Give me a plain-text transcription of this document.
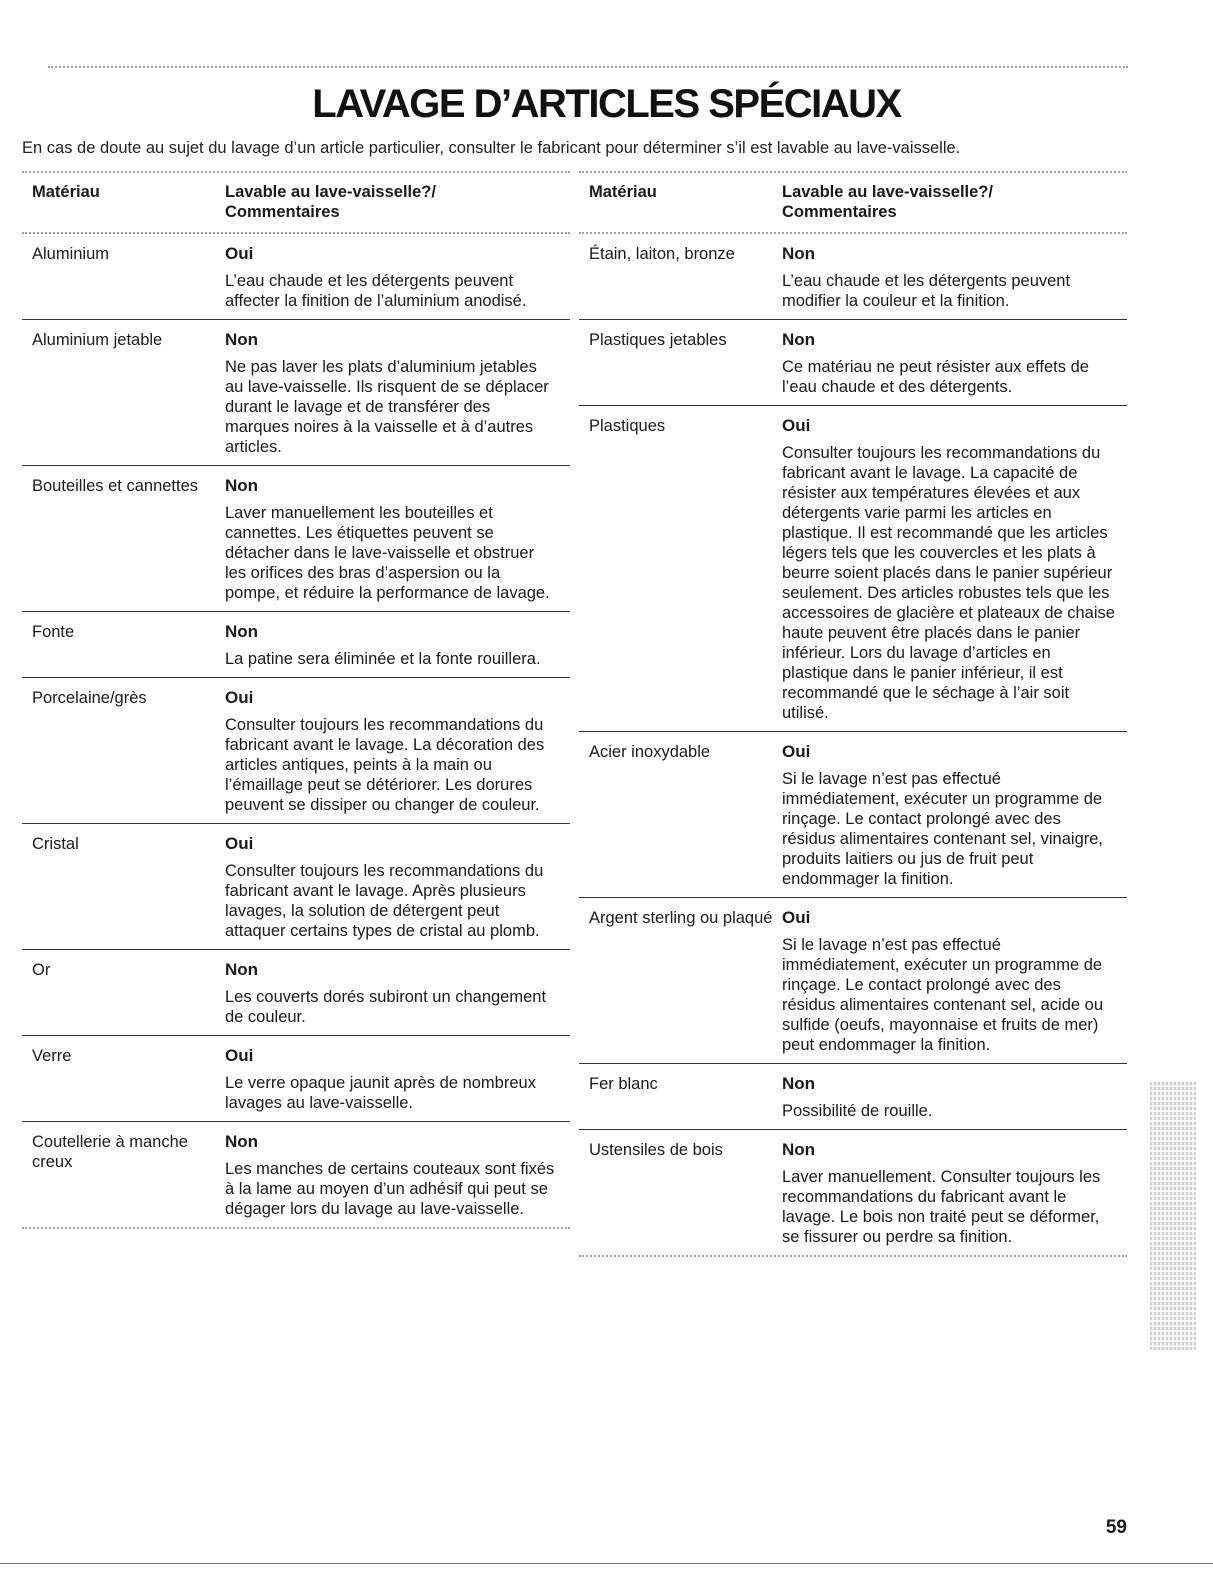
LAVAGE D’ARTICLES SPÉCIAUX
En cas de doute au sujet du lavage d’un article particulier, consulter le fabricant pour déterminer s’il est lavable au lave-vaisselle.
Matériau	Lavable au lave-vaisselle?/
Commentaires
Aluminium	Oui
L’eau chaude et les détergents peuvent affecter la finition de l’aluminium anodisé.
Aluminium jetable	Non
Ne pas laver les plats d’aluminium jetables au lave-vaisselle. Ils risquent de se déplacer durant le lavage et de transférer des marques noires à la vaisselle et à d’autres articles.
Bouteilles et cannettes	Non
Laver manuellement les bouteilles et cannettes. Les étiquettes peuvent se détacher dans le lave-vaisselle et obstruer les orifices des bras d’aspersion ou la pompe, et réduire la performance de lavage.
Fonte	Non
La patine sera éliminée et la fonte rouillera.
Porcelaine/grès	Oui
Consulter toujours les recommandations du fabricant avant le lavage. La décoration des articles antiques, peints à la main ou l’émaillage peut se détériorer. Les dorures peuvent se dissiper ou changer de couleur.
Cristal	Oui
Consulter toujours les recommandations du fabricant avant le lavage. Après plusieurs lavages, la solution de détergent peut attaquer certains types de cristal au plomb.
Or	Non
Les couverts dorés subiront un changement de couleur.
Verre	Oui
Le verre opaque jaunit après de nombreux lavages au lave-vaisselle.
Coutellerie à manche creux
Non
Les manches de certains couteaux sont fixés à la lame au moyen d’un adhésif qui peut se dégager lors du lavage au lave-vaisselle.
Matériau	Lavable au lave-vaisselle?/
Commentaires
Étain, laiton, bronze	Non
L’eau chaude et les détergents peuvent modifier la couleur et la finition.
Plastiques jetables	Non
Ce matériau ne peut résister aux effets de l’eau chaude et des détergents.
Plastiques	Oui
Consulter toujours les recommandations du fabricant avant le lavage. La capacité de résister aux températures élevées et aux détergents varie parmi les articles en plastique. Il est recommandé que les articles légers tels que les couvercles et les plats à beurre soient placés dans le panier supérieur seulement. Des articles robustes tels que les accessoires de glacière et plateaux de chaise haute peuvent être placés dans le panier inférieur. Lors du lavage d’articles en plastique dans le panier inférieur, il est recommandé que le séchage à l’air soit utilisé.
Acier inoxydable	Oui
Si le lavage n’est pas effectué immédiatement, exécuter un programme de rinçage. Le contact prolongé avec des résidus alimentaires contenant sel, vinaigre, produits laitiers ou jus de fruit peut endommager la finition.
Argent sterling ou plaqué Oui
Si le lavage n’est pas effectué immédiatement, exécuter un programme de rinçage. Le contact prolongé avec des résidus alimentaires contenant sel, acide ou sulfide (oeufs, mayonnaise et fruits de mer) peut endommager la finition.
Fer blanc	Non
Possibilité de rouille.
Ustensiles de bois	Non
Laver manuellement. Consulter toujours les recommandations du fabricant avant le lavage. Le bois non traité peut se déformer, se fissurer ou perdre sa finition.
59
